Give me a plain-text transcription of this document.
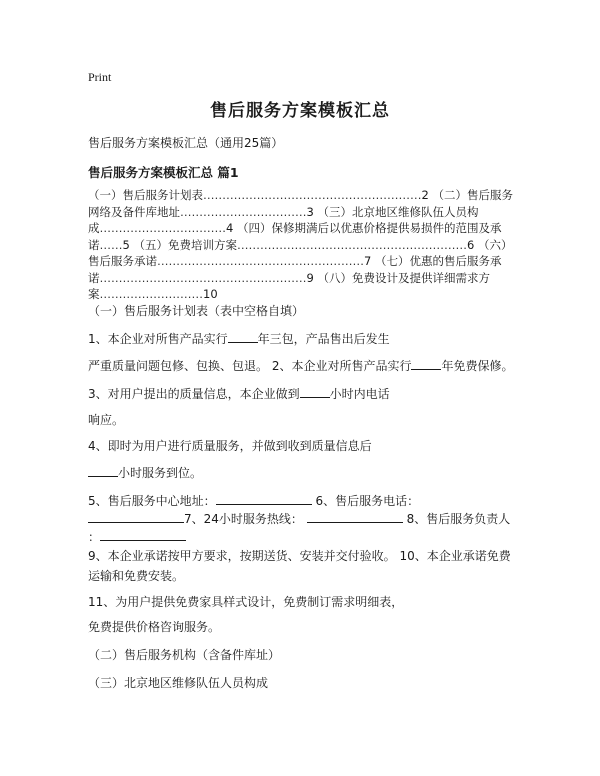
Print
售后服务方案模板汇总
售后服务方案模板汇总（通用25篇）
售后服务方案模板汇总 篇1
（一）售后服务计划表…………………………………………………2 （二）售后服务网络及备件库地址……………………………3 （三）北京地区维修队伍人员构成……………………………4 （四）保修期满后以优惠价格提供易损件的范围及承诺……5 （五）免费培训方案……………………………………………………6 （六）售后服务承诺………………………………………………7 （七）优惠的售后服务承诺………………………………………………9 （八）免费设计及提供详细需求方案………………………10
（一）售后服务计划表（表中空格自填）
1、本企业对所售产品实行	年三包，产品售出后发生
严重质量问题包修、包换、包退。 2、本企业对所售产品实行	年免费保修。
3、对用户提出的质量信息，本企业做到	小时内电话
响应。
4、即时为用户进行质量服务，并做到收到质量信息后
小时服务到位。
5、售后服务中心地址：	6、售后服务电话：
7、24小时服务热线：	8、售后服务负责人
：
9、本企业承诺按甲方要求，按期送货、安装并交付验收。 10、本企业承诺免费运输和免费安装。
11、为用户提供免费家具样式设计，免费制订需求明细表，
免费提供价格咨询服务。
（二）售后服务机构（含备件库址）
（三）北京地区维修队伍人员构成
